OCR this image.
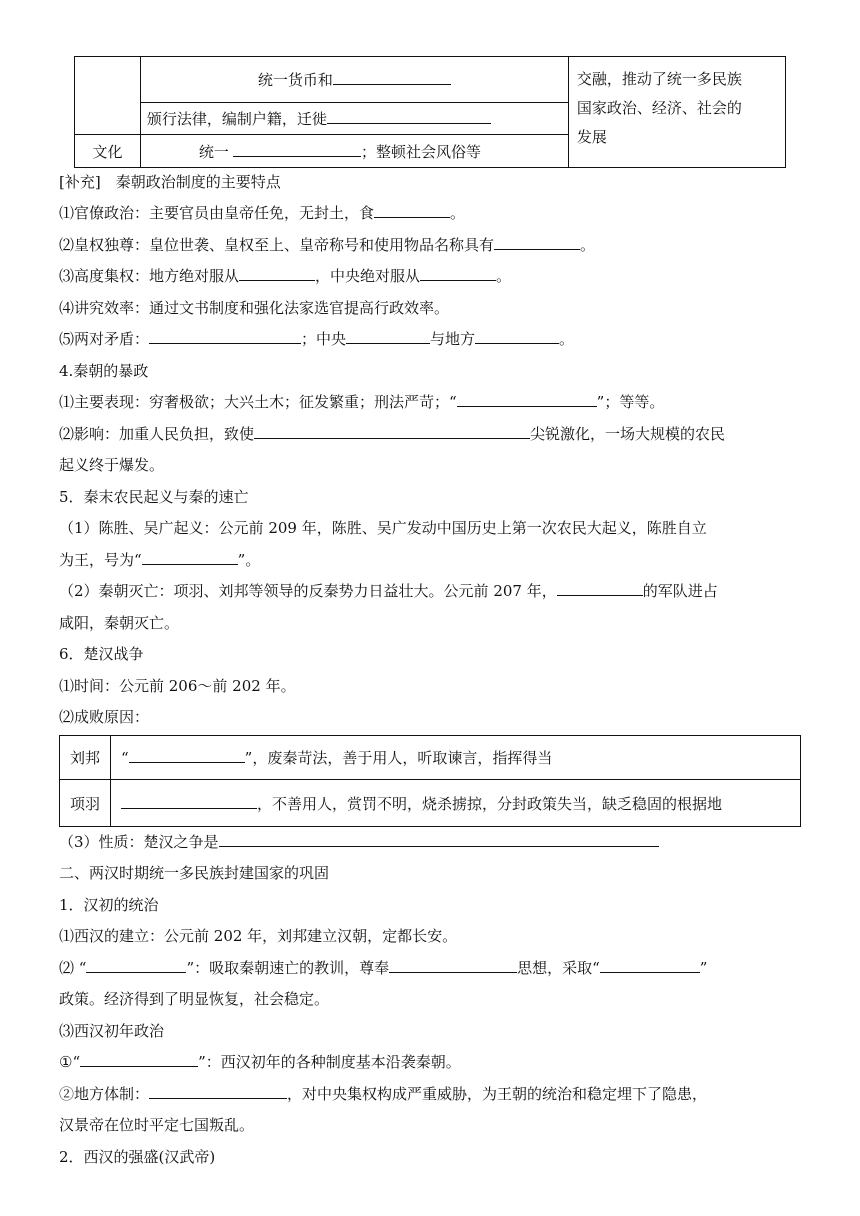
	统一货币和	交融，推动了统一多民族
国家政治、经济、社会的
发展

	颁行法律，编制户籍，迁徙	
文化	统一 ；整顿社会风俗等	
[补充]　秦朝政治制度的主要特点
⑴官僚政治：主要官员由皇帝任免，无封土，食	。
⑵皇权独尊：皇位世袭、皇权至上、皇帝称号和使用物品名称具有	。
⑶高度集权：地方绝对服从	，中央绝对服从	。
⑷讲究效率：通过文书制度和强化法家选官提高行政效率。
⑸两对矛盾：	；中央	与地方	。
4.秦朝的暴政
⑴主要表现：穷奢极欲；大兴土木；征发繁重；刑法严苛；“	”；等等。
⑵影响：加重人民负担，致使	尖锐激化，一场大规模的农民
起义终于爆发。
5．秦末农民起义与秦的速亡
（1）陈胜、吴广起义：公元前 209 年，陈胜、吴广发动中国历史上第一次农民大起义，陈胜自立
为王，号为“	”。
（2）秦朝灭亡：项羽、刘邦等领导的反秦势力日益壮大。公元前 207 年，	的军队进占
咸阳，秦朝灭亡。
6．楚汉战争
⑴时间：公元前 206～前 202 年。
⑵成败原因：
刘邦	“ ”，废秦苛法，善于用人，听取谏言，指挥得当
项羽	，不善用人，赏罚不明，烧杀掳掠，分封政策失当，缺乏稳固的根据地
（3）性质：楚汉之争是
二、两汉时期统一多民族封建国家的巩固
1．汉初的统治
⑴西汉的建立：公元前 202 年，刘邦建立汉朝，定都长安。
⑵ “	”：吸取秦朝速亡的教训，尊奉	思想，采取“	”
政策。经济得到了明显恢复，社会稳定。
⑶西汉初年政治
①“	”：西汉初年的各种制度基本沿袭秦朝。
②地方体制：	，对中央集权构成严重威胁，为王朝的统治和稳定埋下了隐患，
汉景帝在位时平定七国叛乱。
2．西汉的强盛(汉武帝)
